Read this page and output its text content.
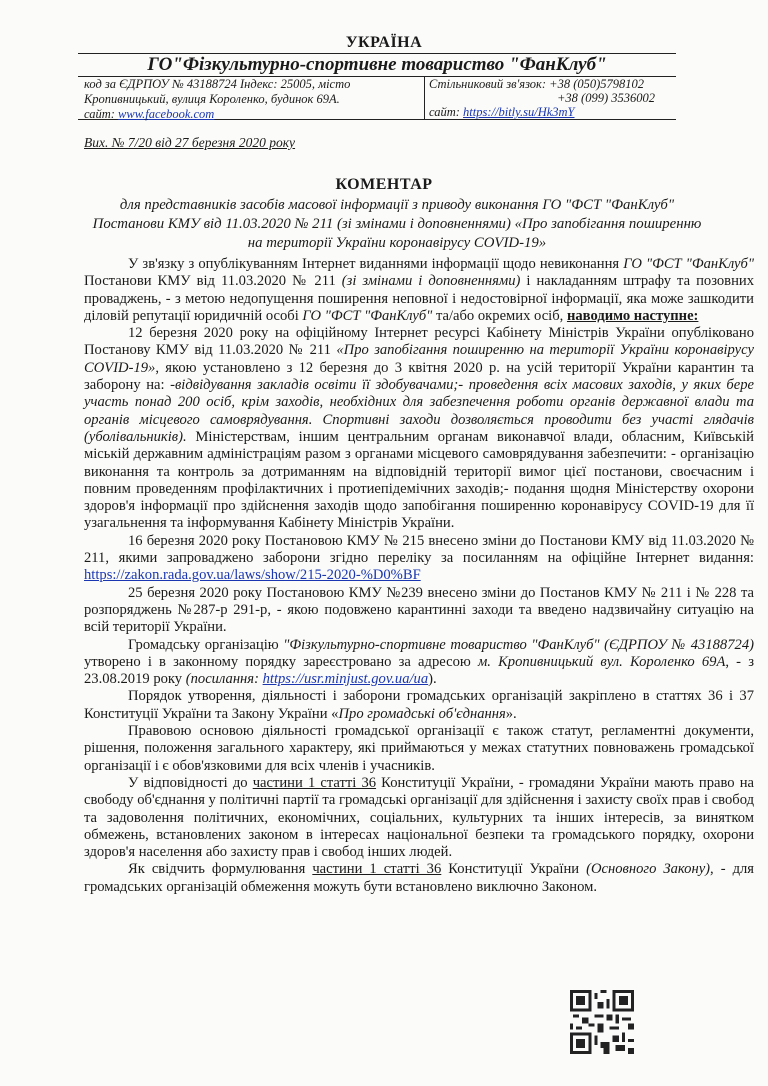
УКРАЇНА
ГО"Фізкультурно-спортивне товариство "ФанКлуб"
код за ЄДРПОУ № 43188724 Індекс: 25005, місто
Кропивницький, вулиця Короленко, будинок 69А.
сайт: www.facebook.com
Стільниковий зв'язок: +38 (050)5798102
+38 (099) 3536002
сайт: https://bitly.su/Hk3mY
Вих. № 7/20 від 27 березня 2020 року
КОМЕНТАР
для представників засобів масової інформації з приводу виконання ГО "ФСТ "ФанКлуб" Постанови КМУ від 11.03.2020 № 211 (зі змінами і доповненнями) «Про запобігання поширенню на території України коронавірусу COVID-19»

У зв'язку з опублікуванням Інтернет виданнями інформації щодо невиконання ГО "ФСТ "ФанКлуб" Постанови КМУ від 11.03.2020 № 211 (зі змінами і доповненнями) і накладанням штрафу та позовних проваджень, - з метою недопущення поширення неповної і недостовірної інформації, яка може зашкодити діловій репутації юридичній особі ГО "ФСТ "ФанКлуб" та/або окремих осіб, наводимо наступне:

12 березня 2020 року на офіційному Інтернет ресурсі Кабінету Міністрів України опубліковано Постанову КМУ від 11.03.2020 № 211 «Про запобігання поширенню на території України коронавірусу COVID-19», якою установлено з 12 березня до 3 квітня 2020 р. на усій території України карантин та заборону на: -відвідування закладів освіти її здобувачами;- проведення всіх масових заходів, у яких бере участь понад 200 осіб, крім заходів, необхідних для забезпечення роботи органів державної влади та органів місцевого самоврядування. Спортивні заходи дозволяється проводити без участі глядачів (уболівальників). Міністерствам, іншим центральним органам виконавчої влади, обласним, Київській міській державним адміністраціям разом з органами місцевого самоврядування забезпечити: - організацію виконання та контроль за дотриманням на відповідній території вимог цієї постанови, своєчасним і повним проведенням профілактичних і протиепідемічних заходів;- подання щодня Міністерству охорони здоров'я інформації про здійснення заходів щодо запобігання поширенню коронавірусу COVID-19 для її узагальнення та інформування Кабінету Міністрів України.

16 березня 2020 року Постановою КМУ № 215 внесено зміни до Постанови КМУ від 11.03.2020 № 211, якими запроваджено заборони згідно переліку за посиланням на офіційне Інтернет видання: https://zakon.rada.gov.ua/laws/show/215-2020-%D0%BF

25 березня 2020 року Постановою КМУ №239 внесено зміни до Постанов КМУ № 211 і № 228 та розпоряджень №287-р 291-р, - якою подовжено карантинні заходи та введено надзвичайну ситуацію на всій території України.

Громадську організацію "Фізкультурно-спортивне товариство "ФанКлуб" (ЄДРПОУ № 43188724) утворено і в законному порядку зареєстровано за адресою м. Кропивницький вул. Короленко 69А, - з 23.08.2019 року (посилання: https://usr.minjust.gov.ua/ua).

Порядок утворення, діяльності і заборони громадських організацій закріплено в статтях 36 і 37 Конституції України та Закону України «Про громадські об'єднання».

Правовою основою діяльності громадської організації є також статут, регламентні документи, рішення, положення загального характеру, які приймаються у межах статутних повноважень громадської організації і є обов'язковими для всіх членів і учасників.

У відповідності до частини 1 статті 36 Конституції України, - громадяни України мають право на свободу об'єднання у політичні партії та громадські організації для здійснення і захисту своїх прав і свобод та задоволення політичних, економічних, соціальних, культурних та інших інтересів, за винятком обмежень, встановлених законом в інтересах національної безпеки та громадського порядку, охорони здоров'я населення або захисту прав і свобод інших людей.

Як свідчить формулювання частини 1 статті 36 Конституції України (Основного Закону), - для громадських організацій обмеження можуть бути встановлено виключно Законом.
